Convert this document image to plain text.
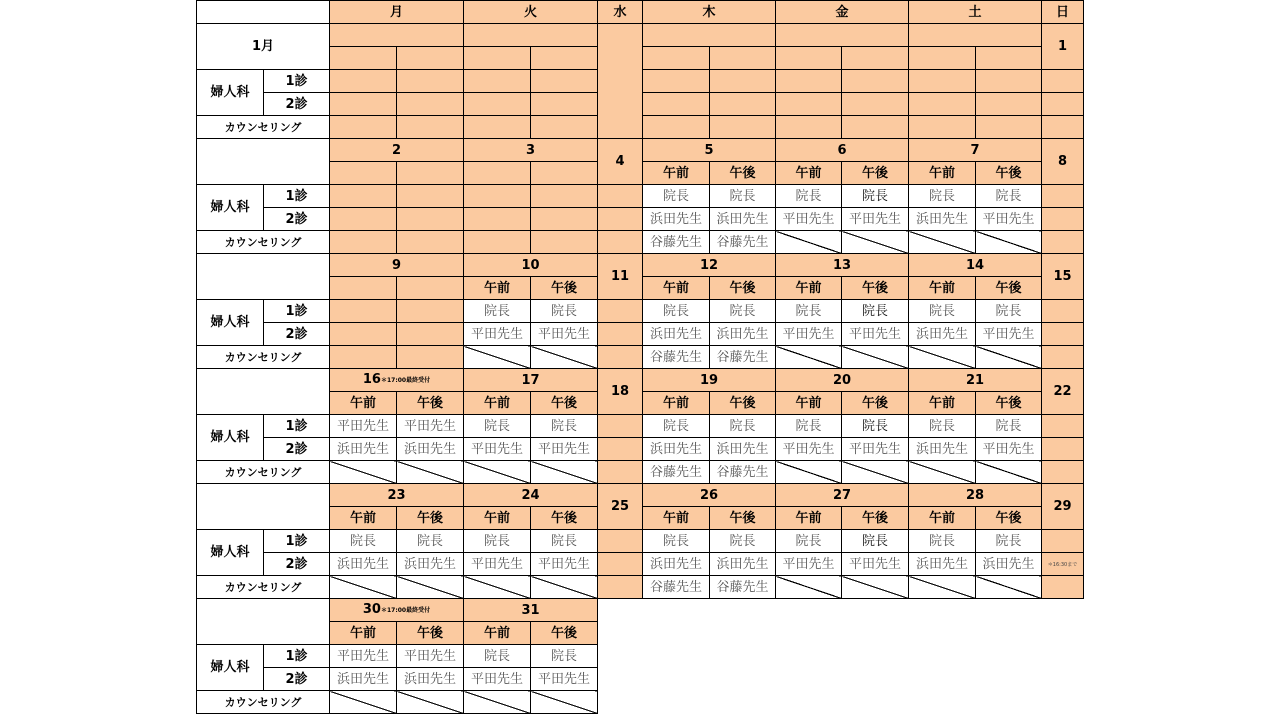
		月		火		水	木		金		土		日
1月													1

婦人科	1診												
	2診												
カウンセリング													
		2		3		4	5		6		7		8
							午前	午後	午前	午後	午前	午後	
婦人科	1診						院長	院長	院長	院長	院長	院長	
	2診						浜田先生	浜田先生	平田先生	平田先生	浜田先生	平田先生	
カウンセリング							谷藤先生	谷藤先生					
		9		10		11	12		13		14		15
				午前	午後		午前	午後	午前	午後	午前	午後	
婦人科	1診			院長	院長		院長	院長	院長	院長	院長	院長	
	2診			平田先生	平田先生		浜田先生	浜田先生	平田先生	平田先生	浜田先生	平田先生	
カウンセリング							谷藤先生	谷藤先生					
		16＊17:00最終受付		17		18	19		20		21		22
		午前	午後	午前	午後		午前	午後	午前	午後	午前	午後	
婦人科	1診	平田先生	平田先生	院長	院長		院長	院長	院長	院長	院長	院長	
	2診	浜田先生	浜田先生	平田先生	平田先生		浜田先生	浜田先生	平田先生	平田先生	浜田先生	平田先生	
カウンセリング							谷藤先生	谷藤先生					
		23		24		25	26		27		28		29
		午前	午後	午前	午後		午前	午後	午前	午後	午前	午後	
婦人科	1診	院長	院長	院長	院長		院長	院長	院長	院長	院長	院長	
	2診	浜田先生	浜田先生	平田先生	平田先生		浜田先生	浜田先生	平田先生	平田先生	浜田先生	浜田先生	＊16:30まで
カウンセリング							谷藤先生	谷藤先生					
		30＊17:00最終受付		31									
		午前	午後	午前	午後								
婦人科	1診	平田先生	平田先生	院長	院長								
	2診	浜田先生	浜田先生	平田先生	平田先生								
カウンセリング													
